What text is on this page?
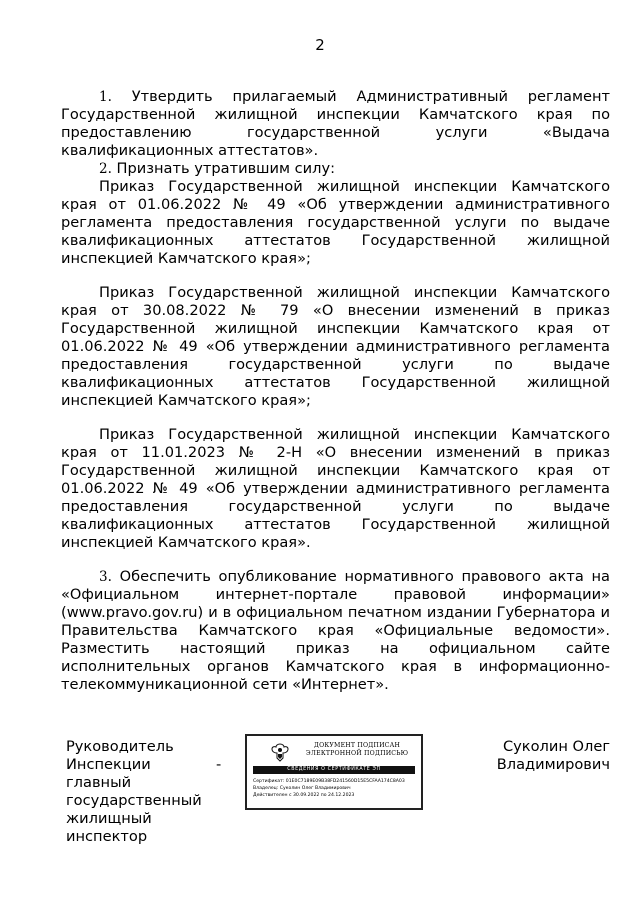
2

1. Утвердить прилагаемый Административный регламент Государственной жилищной инспекции Камчатского края по предоставлению государственной услуги «Выдача квалификационных аттестатов».

2. Признать утратившим силу:

Приказ Государственной жилищной инспекции Камчатского края от 01.06.2022 № 49 «Об утверждении административного регламента предоставления государственной услуги по выдаче квалификационных аттестатов Государственной жилищной инспекцией Камчатского края»;

Приказ Государственной жилищной инспекции Камчатского края от 30.08.2022 № 79 «О внесении изменений в приказ Государственной жилищной инспекции Камчатского края от 01.06.2022 № 49 «Об утверждении административного регламента предоставления государственной услуги по выдаче квалификационных аттестатов Государственной жилищной инспекцией Камчатского края»;

Приказ Государственной жилищной инспекции Камчатского края от 11.01.2023 № 2-Н «О внесении изменений в приказ Государственной жилищной инспекции Камчатского края от 01.06.2022 № 49 «Об утверждении административного регламента предоставления государственной услуги по выдаче квалификационных аттестатов Государственной жилищной инспекцией Камчатского края».

3. Обеспечить опубликование нормативного правового акта на «Официальном интернет-портале правовой информации» (www.pravo.gov.ru) и в официальном печатном издании Губернатора и Правительства Камчатского края «Официальные ведомости». Разместить настоящий приказ на официальном сайте исполнительных органов Камчатского края в информационно-телекоммуникационной сети «Интернет».

Руководитель
Инспекции
главный
государственный
жилищный
инспектор
-
ДОКУМЕНТ ПОДПИСАН
ЭЛЕКТРОННОЙ ПОДПИСЬЮ
СВЕДЕНИЯ О СЕРТИФИКАТЕ ЭП
Сертификат: 01E0C7189E09B38FD241560D15E5CFAA174C8A03
Владелец: Суколин Олег Владимирович
Действителен с 30.09.2022 по 24.12.2023
Суколин Олег
Владимирович
